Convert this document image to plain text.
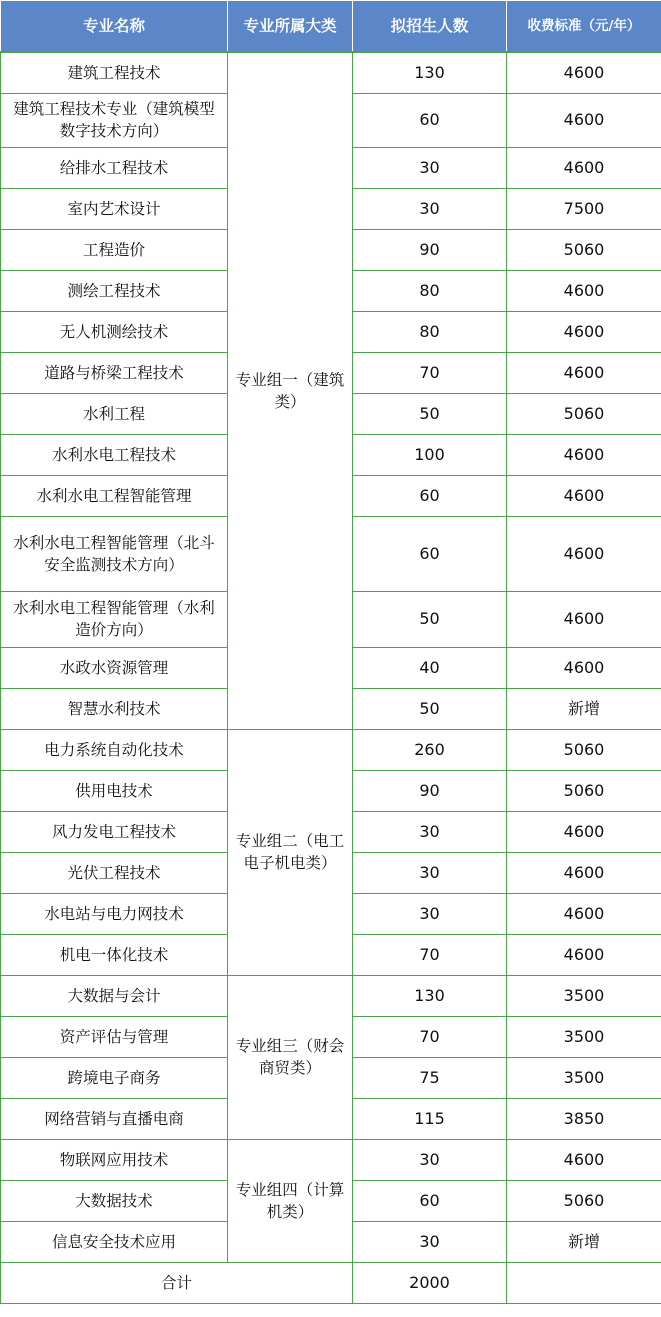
专业名称	专业所属大类	拟招生人数	收费标准（元/年）
建筑工程技术	专业组一（建筑类）	130	4600
建筑工程技术专业（建筑模型数字技术方向）		60	4600
给排水工程技术		30	4600
室内艺术设计		30	7500
工程造价		90	5060
测绘工程技术		80	4600
无人机测绘技术		80	4600
道路与桥梁工程技术		70	4600
水利工程		50	5060
水利水电工程技术		100	4600
水利水电工程智能管理		60	4600
水利水电工程智能管理（北斗安全监测技术方向）		60	4600
水利水电工程智能管理（水利造价方向）		50	4600
水政水资源管理		40	4600
智慧水利技术		50	新增
电力系统自动化技术	专业组二（电工电子机电类）	260	5060
供用电技术		90	5060
风力发电工程技术		30	4600
光伏工程技术		30	4600
水电站与电力网技术		30	4600
机电一体化技术		70	4600
大数据与会计	专业组三（财会商贸类）	130	3500
资产评估与管理		70	3500
跨境电子商务		75	3500
网络营销与直播电商		115	3850
物联网应用技术	专业组四（计算机类）	30	4600
大数据技术		60	5060
信息安全技术应用		30	新增
合计		2000	
